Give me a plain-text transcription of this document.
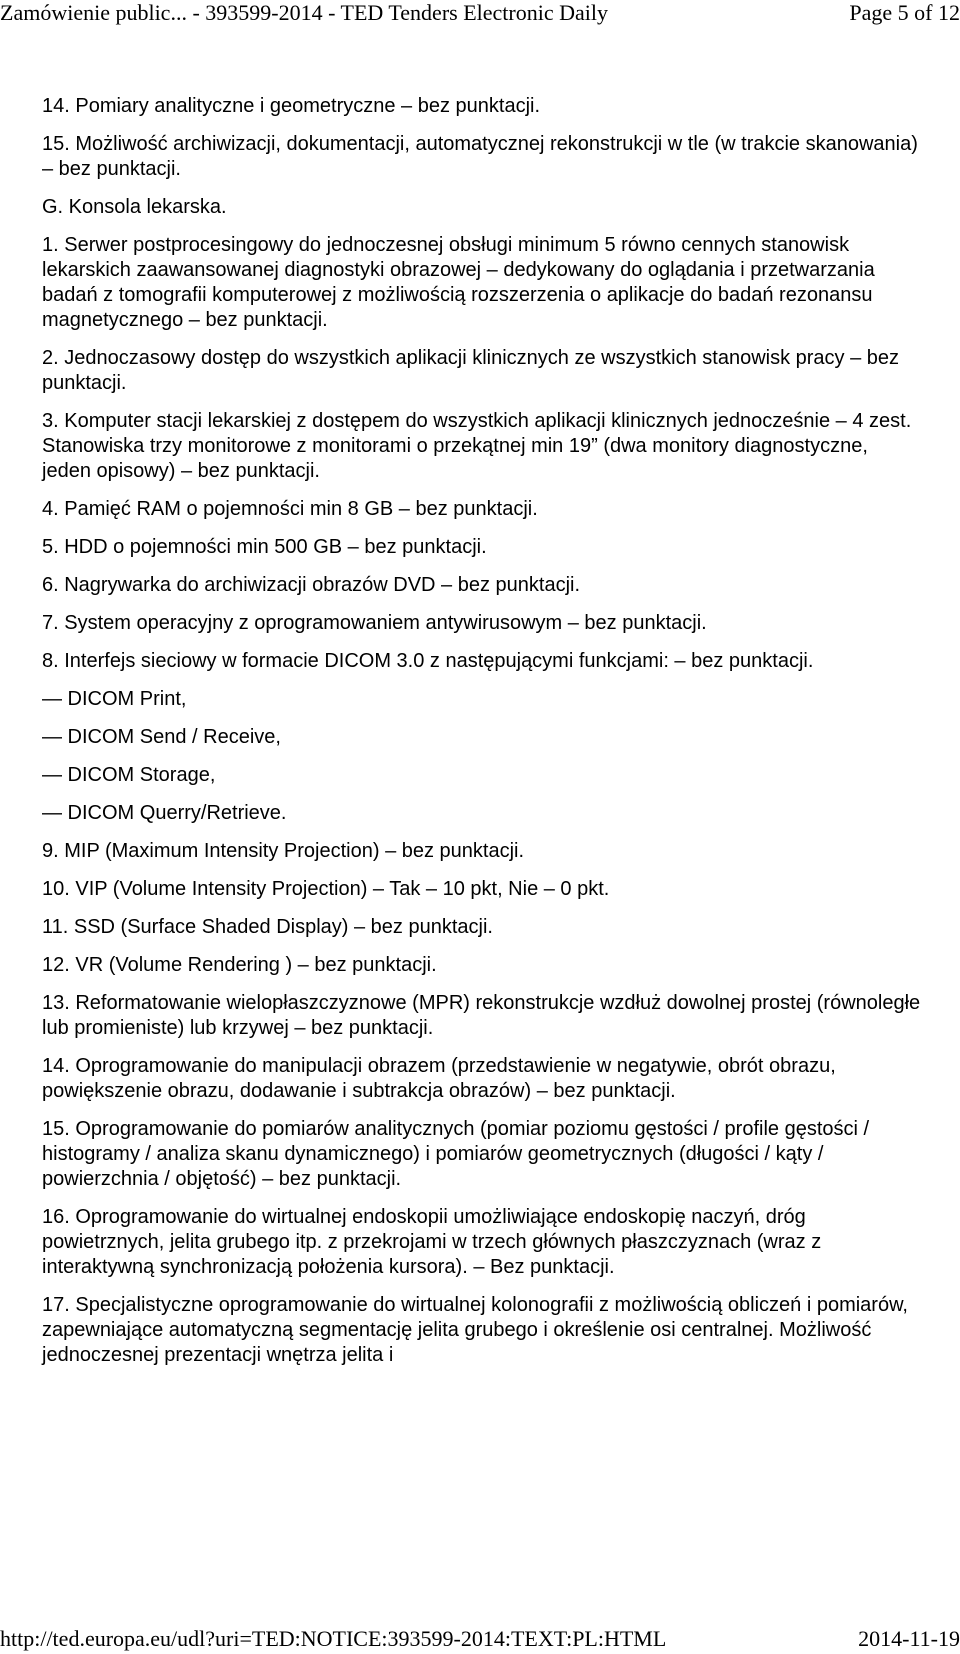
Zamówienie public... - 393599-2014 - TED Tenders Electronic Daily	Page 5 of 12

14. Pomiary analityczne i geometryczne – bez punktacji.

15. Możliwość archiwizacji, dokumentacji, automatycznej rekonstrukcji w tle (w trakcie skanowania) – bez punktacji.

G. Konsola lekarska.

1. Serwer postprocesingowy do jednoczesnej obsługi minimum 5 równo cennych stanowisk lekarskich zaawansowanej diagnostyki obrazowej – dedykowany do oglądania i przetwarzania badań z tomografii komputerowej z możliwością rozszerzenia o aplikacje do badań rezonansu magnetycznego – bez punktacji.

2. Jednoczasowy dostęp do wszystkich aplikacji klinicznych ze wszystkich stanowisk pracy – bez punktacji.

3. Komputer stacji lekarskiej z dostępem do wszystkich aplikacji klinicznych jednocześnie – 4 zest. Stanowiska trzy monitorowe z monitorami o przekątnej min 19” (dwa monitory diagnostyczne, jeden opisowy) – bez punktacji.

4. Pamięć RAM o pojemności min 8 GB – bez punktacji.

5. HDD o pojemności min 500 GB – bez punktacji.

6. Nagrywarka do archiwizacji obrazów DVD – bez punktacji.

7. System operacyjny z oprogramowaniem antywirusowym – bez punktacji.

8. Interfejs sieciowy w formacie DICOM 3.0 z następującymi funkcjami: – bez punktacji.

— DICOM Print,

— DICOM Send / Receive,

— DICOM Storage,

— DICOM Querry/Retrieve.

9. MIP (Maximum Intensity Projection) – bez punktacji.

10. VIP (Volume Intensity Projection) – Tak – 10 pkt, Nie – 0 pkt.

11. SSD (Surface Shaded Display) – bez punktacji.

12. VR (Volume Rendering ) – bez punktacji.

13. Reformatowanie wielopłaszczyznowe (MPR) rekonstrukcje wzdłuż dowolnej prostej (równoległe lub promieniste) lub krzywej – bez punktacji.

14. Oprogramowanie do manipulacji obrazem (przedstawienie w negatywie, obrót obrazu, powiększenie obrazu, dodawanie i subtrakcja obrazów) – bez punktacji.

15. Oprogramowanie do pomiarów analitycznych (pomiar poziomu gęstości / profile gęstości / histogramy / analiza skanu dynamicznego) i pomiarów geometrycznych (długości / kąty / powierzchnia / objętość) – bez punktacji.

16. Oprogramowanie do wirtualnej endoskopii umożliwiające endoskopię naczyń, dróg powietrznych, jelita grubego itp. z przekrojami w trzech głównych płaszczyznach (wraz z interaktywną synchronizacją położenia kursora). – Bez punktacji.

17. Specjalistyczne oprogramowanie do wirtualnej kolonografii z możliwością obliczeń i pomiarów, zapewniające automatyczną segmentację jelita grubego i określenie osi centralnej. Możliwość jednoczesnej prezentacji wnętrza jelita i

http://ted.europa.eu/udl?uri=TED:NOTICE:393599-2014:TEXT:PL:HTML	2014-11-19
